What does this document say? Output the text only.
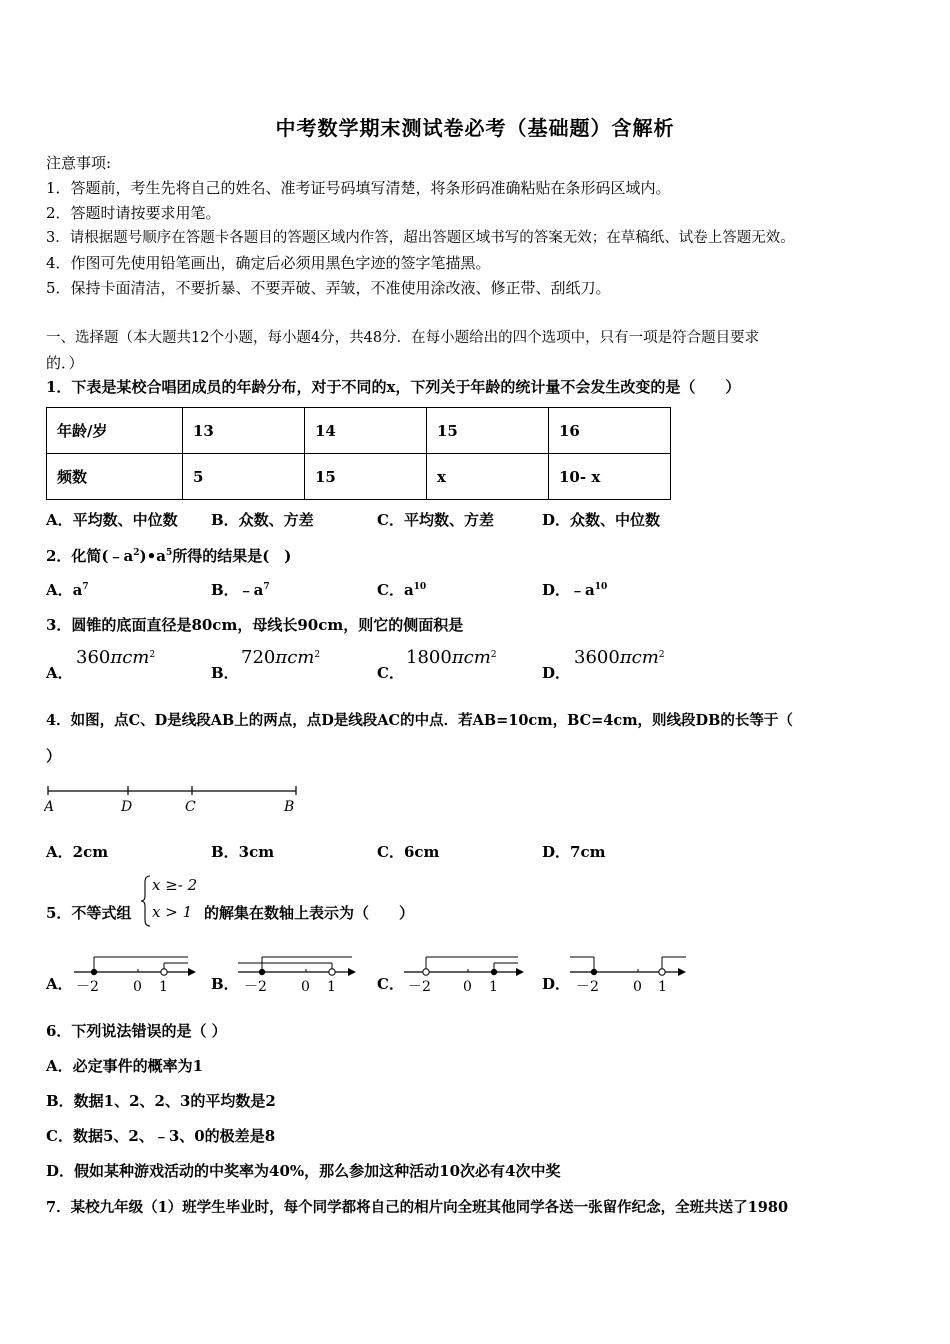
中考数学期末测试卷必考（基础题）含解析
注意事项:
1．答题前，考生先将自己的姓名、准考证号码填写清楚，将条形码准确粘贴在条形码区域内。
2．答题时请按要求用笔。
3．请根据题号顺序在答题卡各题目的答题区域内作答，超出答题区域书写的答案无效；在草稿纸、试卷上答题无效。
4．作图可先使用铅笔画出，确定后必须用黑色字迹的签字笔描黑。
5．保持卡面清洁，不要折暴、不要弄破、弄皱，不准使用涂改液、修正带、刮纸刀。
一、选择题（本大题共12个小题，每小题4分，共48分．在每小题给出的四个选项中，只有一项是符合题目要求
的．）
1．下表是某校合唱团成员的年龄分布，对于不同的x，下列关于年龄的统计量不会发生改变的是（　　）
年龄/岁	13	14	15	16
频数	5	15	x	10- x
A．平均数、中位数 B．众数、方差	C．平均数、方差	D．众数、中位数
2．化简$(﹣a^2)•a^5$所得的结果是(　)
A．$a^7$	B．$﹣a^7$	C．$a^{10}$	D．$﹣a^{10}$
3．圆锥的底面直径是80cm，母线长90cm，则它的侧面积是
A．
360πcm$^2$
B．
720πcm$^2$
C．
1800πcm$^2$
D．
3600πcm$^2$
4．如图，点C、D是线段AB上的两点，点D是线段AC的中点．若AB=10cm，BC=4cm，则线段DB的长等于（
）
A	D	C	B
A．2cm	B．3cm	C．6cm	D．7cm
5．不等式组
x ≥- 2
x > 1 的解集在数轴上表示为（　　）
A． －2 0 1	B． －2 0 1	C． －2 0 1	D． －2 0 1
6．下列说法错误的是（ ）
A．必定事件的概率为1
B．数据1、2、2、3的平均数是2
C．数据5、2、﹣3、0的极差是8
D．假如某种游戏活动的中奖率为40%，那么参加这种活动10次必有4次中奖
7．某校九年级（1）班学生毕业时，每个同学都将自己的相片向全班其他同学各送一张留作纪念，全班共送了1980
